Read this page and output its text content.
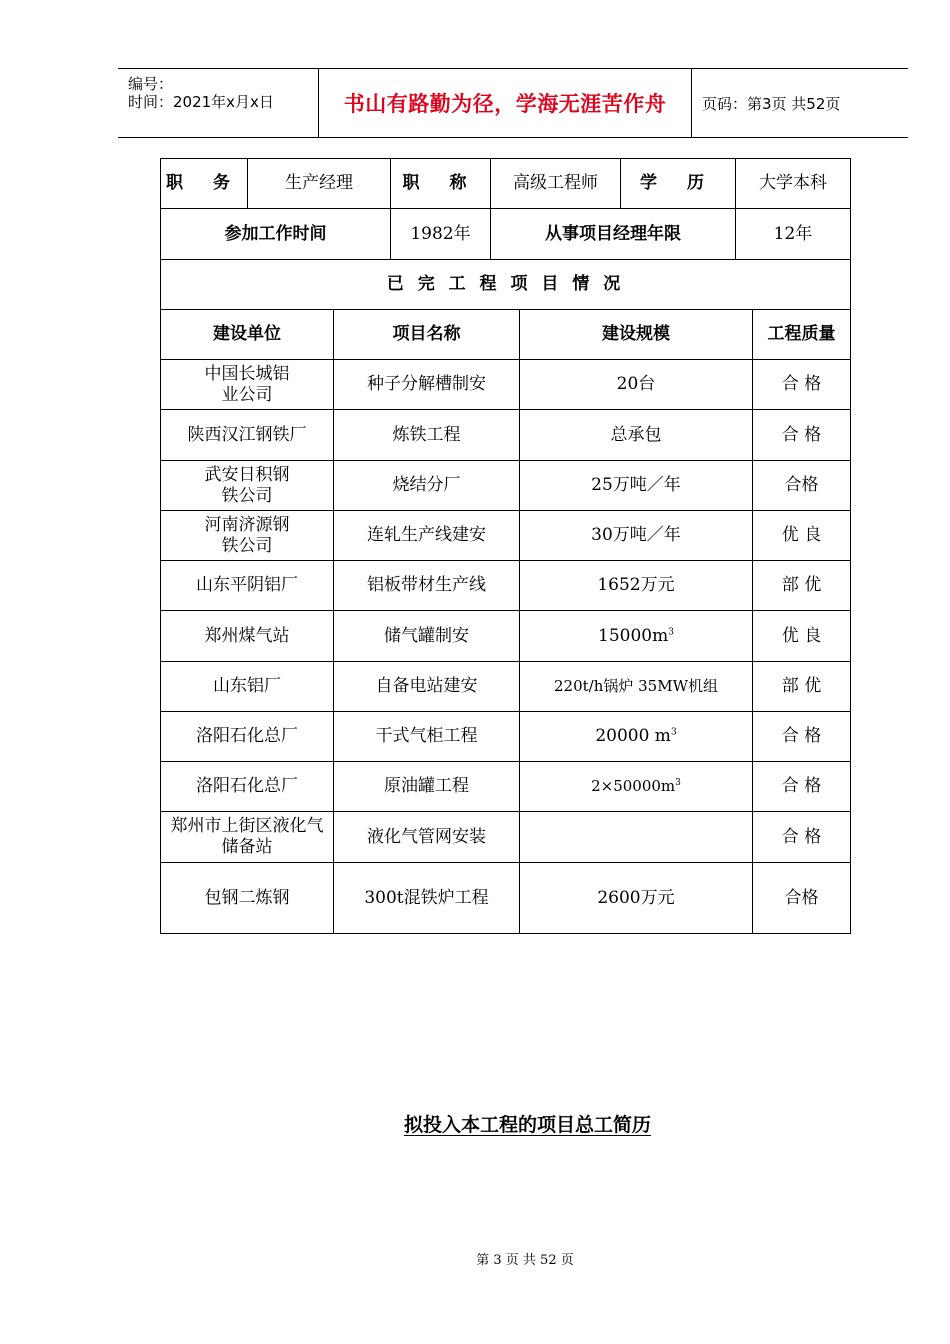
编号：
时间：2021年x月x日	书山有路勤为径，学海无涯苦作舟 页码：第3页 共52页
职 务	生产经理	职 称	高级工程师	学 历	大学本科
参加工作时间		1982年	从事项目经理年限		12年
已 完 工 程 项 目 情 况					
建设单位	项目名称	建设规模	工程质量

中国长城铝业公司	种子分解槽制安	20台	合 格
陕西汉江钢铁厂	炼铁工程	总承包	合 格

武安日积钢铁公司	烧结分厂	25万吨／年	合格

河南济源钢铁公司	连轧生产线建安	30万吨／年	优 良
山东平阴铝厂	铝板带材生产线	1652万元	部 优
郑州煤气站	储气罐制安	$15000m^3$	优 良
山东铝厂	自备电站建安	220t/h锅炉 35MW机组	部 优
洛阳石化总厂	干式气柜工程	20000 $m^3$	合 格
洛阳石化总厂	原油罐工程	$2\times 50000m^3$	合 格

郑州市上街区液化气储备站	液化气管网安装		合 格
包钢二炼钢	300t混铁炉工程	2600万元	合格
拟投入本工程的项目总工简历
第 3 页 共 52 页
